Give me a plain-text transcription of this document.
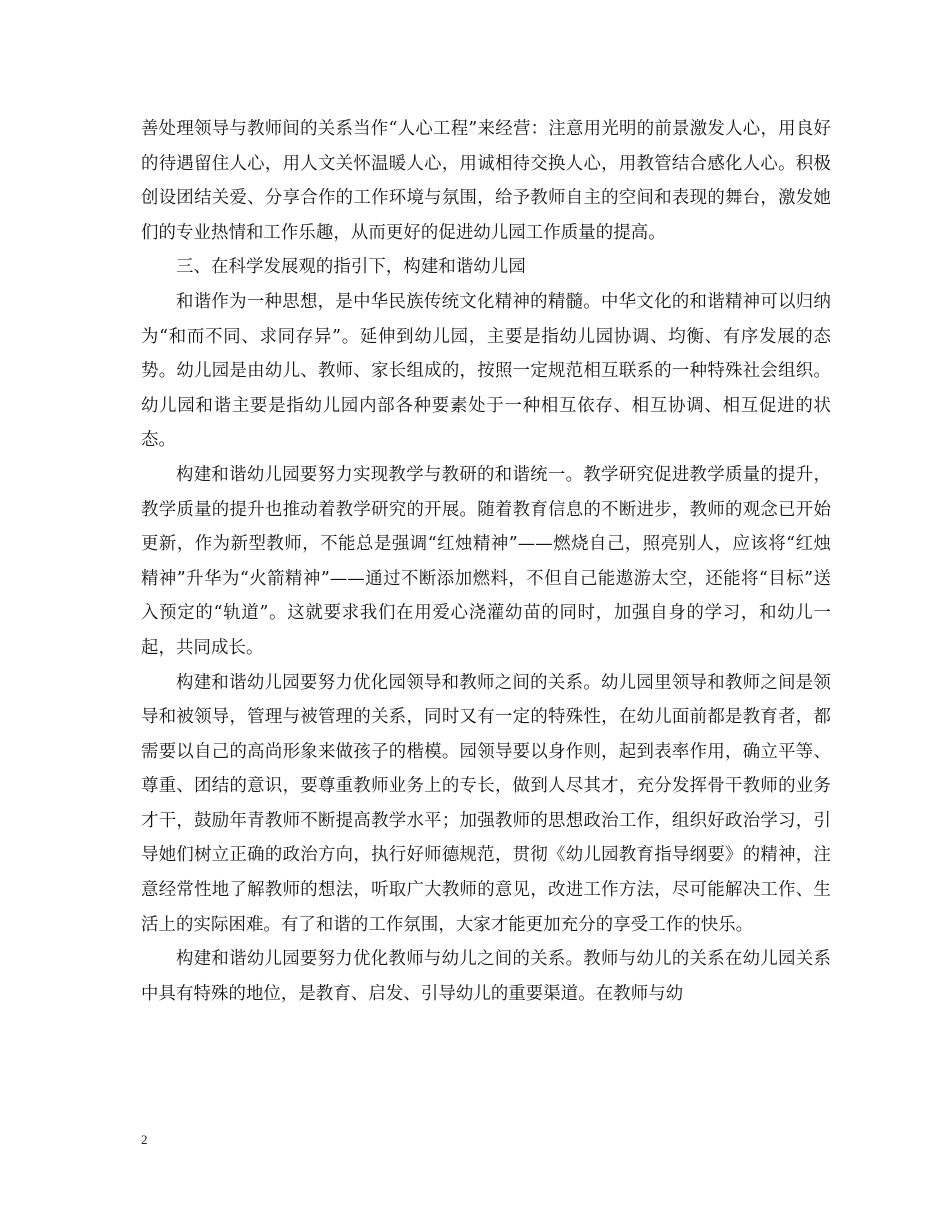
善处理领导与教师间的关系当作“人心工程”来经营：注意用光明的前景激发人心，用良好的待遇留住人心，用人文关怀温暖人心，用诚相待交换人心，用教管结合感化人心。积极创设团结关爱、分享合作的工作环境与氛围，给予教师自主的空间和表现的舞台，激发她们的专业热情和工作乐趣，从而更好的促进幼儿园工作质量的提高。

三、在科学发展观的指引下，构建和谐幼儿园

和谐作为一种思想，是中华民族传统文化精神的精髓。中华文化的和谐精神可以归纳为“和而不同、求同存异”。延伸到幼儿园，主要是指幼儿园协调、均衡、有序发展的态势。幼儿园是由幼儿、教师、家长组成的，按照一定规范相互联系的一种特殊社会组织。幼儿园和谐主要是指幼儿园内部各种要素处于一种相互依存、相互协调、相互促进的状态。

构建和谐幼儿园要努力实现教学与教研的和谐统一。教学研究促进教学质量的提升，教学质量的提升也推动着教学研究的开展。随着教育信息的不断进步，教师的观念已开始更新，作为新型教师，不能总是强调“红烛精神”——燃烧自己，照亮别人，应该将“红烛精神”升华为“火箭精神”——通过不断添加燃料，不但自己能遨游太空，还能将“目标”送入预定的“轨道”。这就要求我们在用爱心浇灌幼苗的同时，加强自身的学习，和幼儿一起，共同成长。

构建和谐幼儿园要努力优化园领导和教师之间的关系。幼儿园里领导和教师之间是领导和被领导，管理与被管理的关系，同时又有一定的特殊性，在幼儿面前都是教育者，都需要以自己的高尚形象来做孩子的楷模。园领导要以身作则，起到表率作用，确立平等、尊重、团结的意识，要尊重教师业务上的专长，做到人尽其才，充分发挥骨干教师的业务才干，鼓励年青教师不断提高教学水平；加强教师的思想政治工作，组织好政治学习，引导她们树立正确的政治方向，执行好师德规范，贯彻《幼儿园教育指导纲要》的精神，注意经常性地了解教师的想法，听取广大教师的意见，改进工作方法，尽可能解决工作、生活上的实际困难。有了和谐的工作氛围，大家才能更加充分的享受工作的快乐。

构建和谐幼儿园要努力优化教师与幼儿之间的关系。教师与幼儿的关系在幼儿园关系中具有特殊的地位，是教育、启发、引导幼儿的重要渠道。在教师与幼

2
